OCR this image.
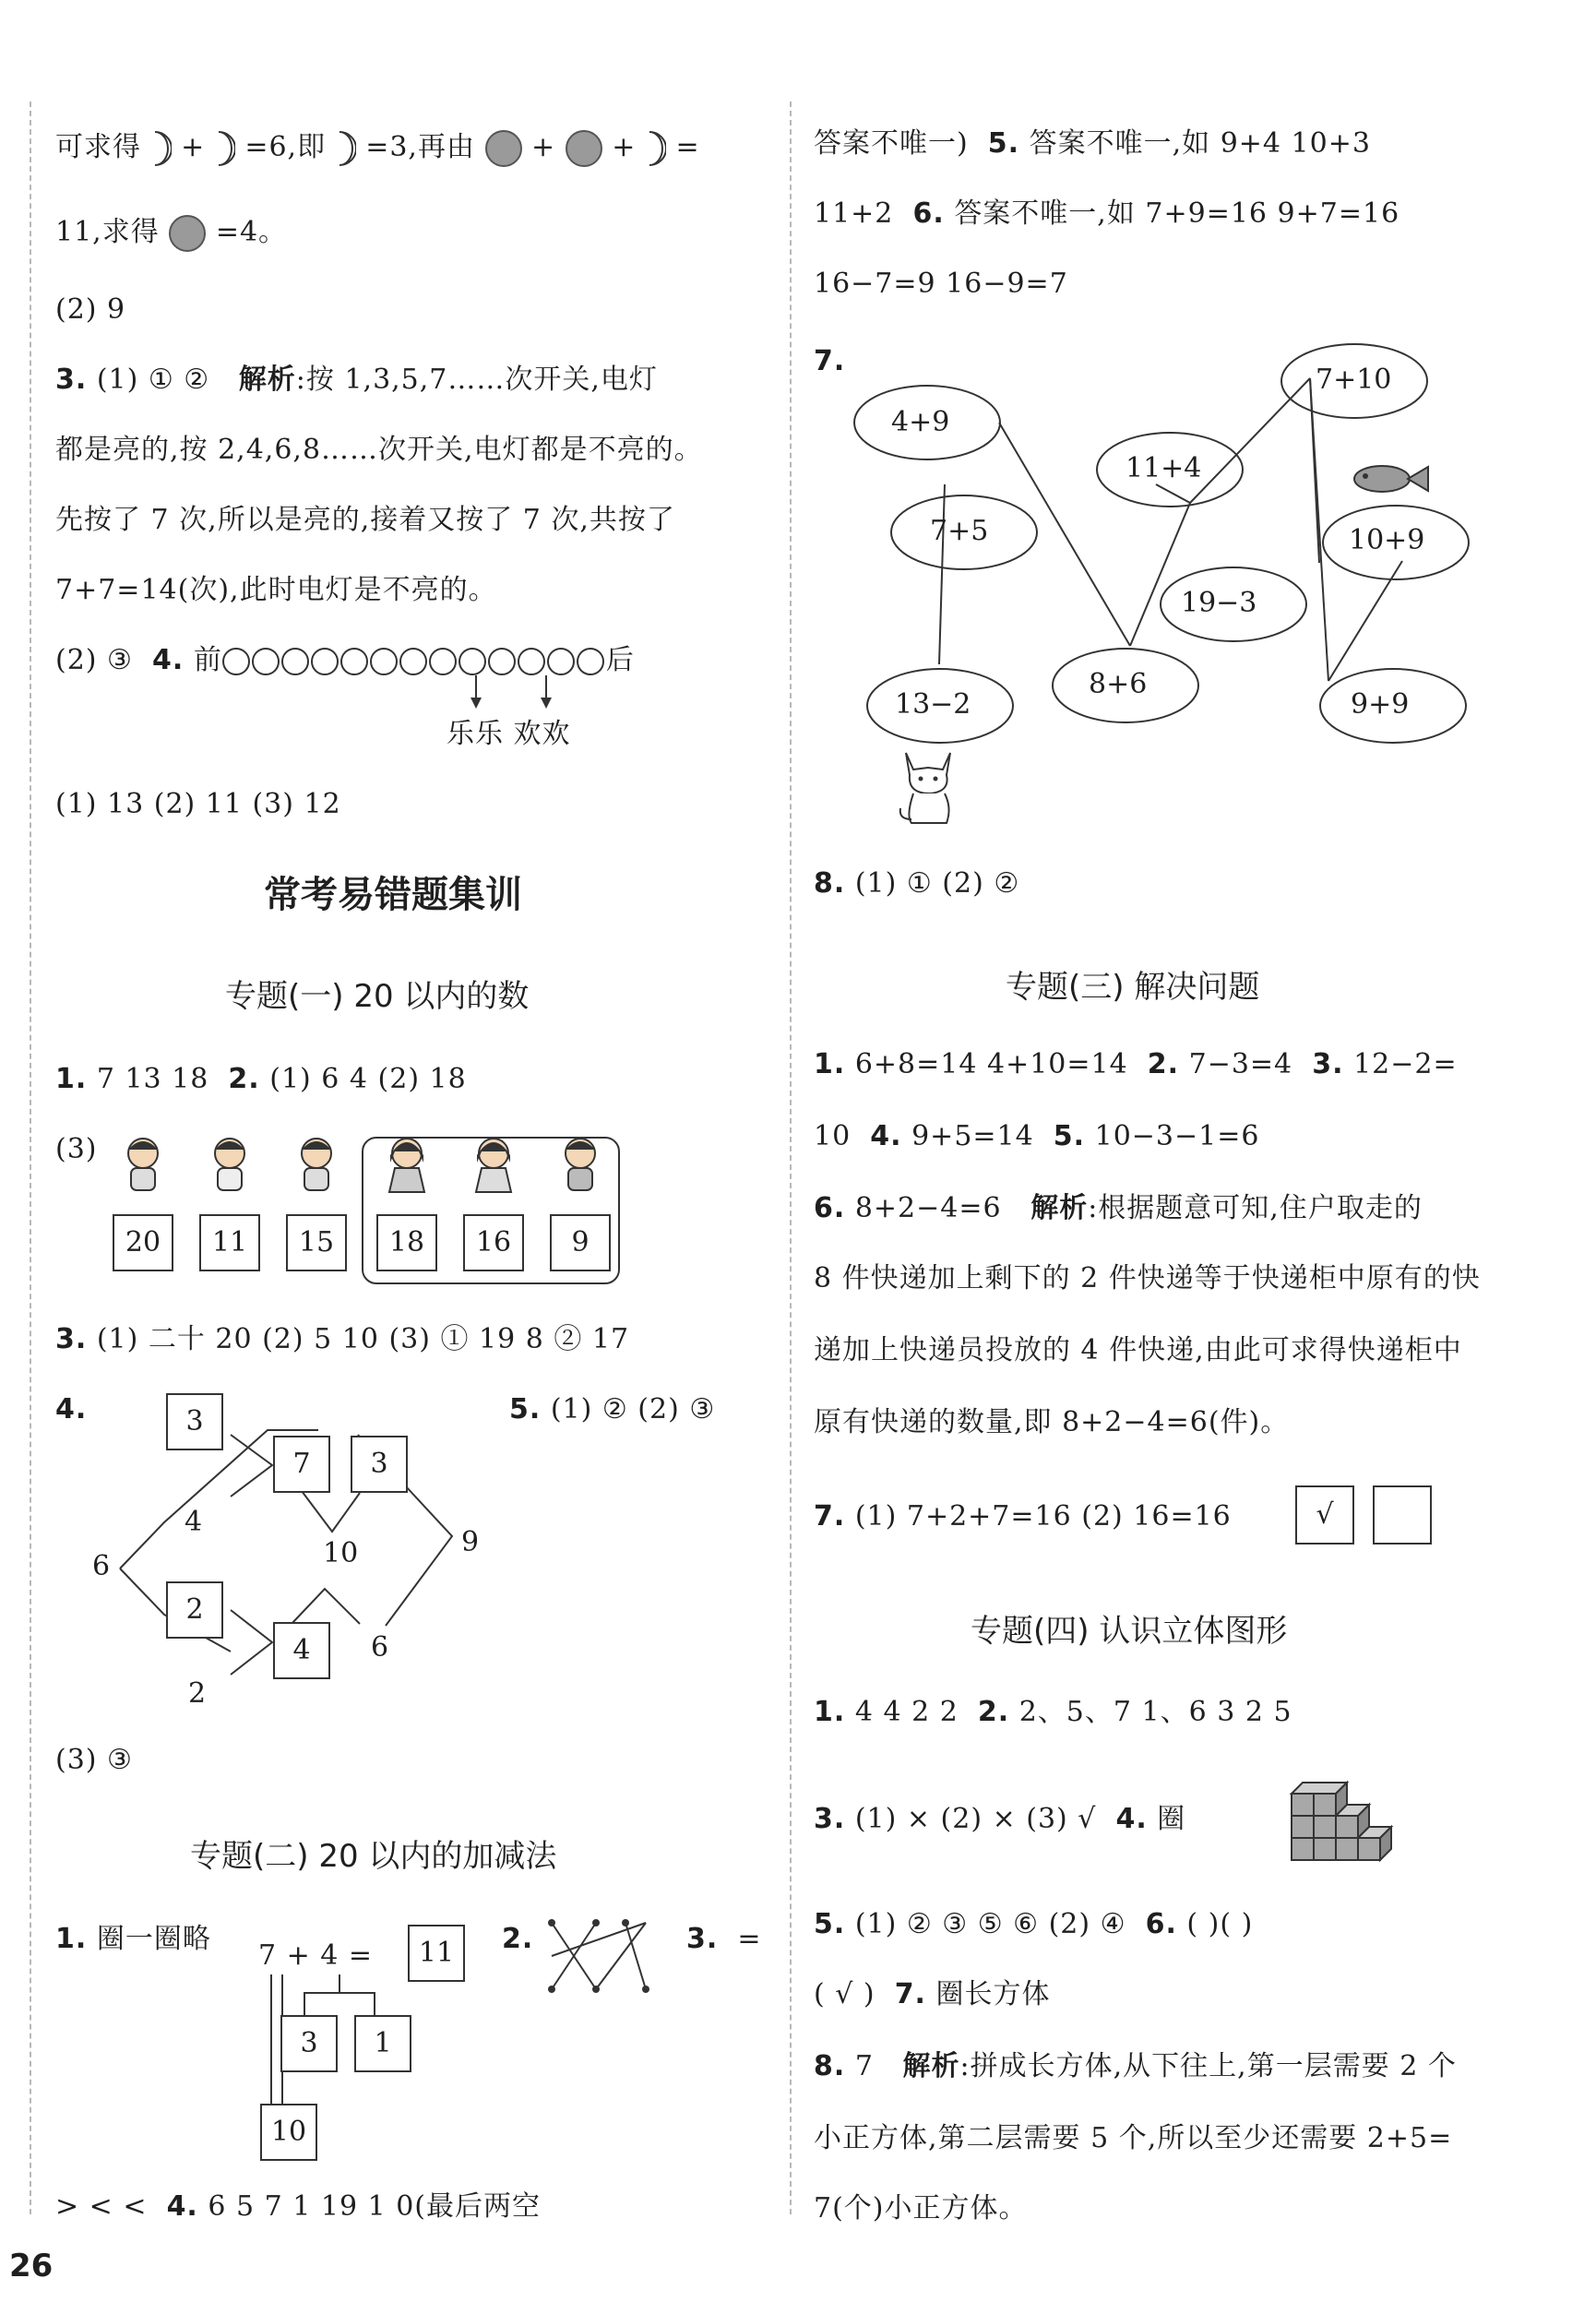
可求得 + =6,即 =3,再由 + + =
11,求得 =4。
(2) 9
3. (1) ① ② 解析:按 1,3,5,7……次开关,电灯
都是亮的,按 2,4,6,8……次开关,电灯都是不亮的。
先按了 7 次,所以是亮的,接着又按了 7 次,共按了
7+7=14(次),此时电灯是不亮的。
(2) ③ 4. 前	后
乐乐 欢欢
(1) 13 (2) 11 (3) 12
常考易错题集训
专题(一) 20 以内的数
1. 7 13 18 2. (1) 6 4 (2) 18
(3)
20	11	15	18	16	9
3. (1) 二十 20 (2) 5 10 (3) ① 19 8 ② 17
4.	5. (1) ② (2) ③
3
7	3
2
4
6
4
10	9
6
2
(3) ③
专题(二) 20 以内的加减法
1. 圈一圈略
7 + 4 =	11
3	1
10
2.	3. =
> < < 4. 6 5 7 1 19 1 0(最后两空
26
答案不唯一) 5. 答案不唯一,如 9+4 10+3
11+2 6. 答案不唯一,如 7+9=16 9+7=16
16−7=9 16−9=7
7.
4+9
7+5
13−2
8+6
11+4
19−3
7+10
10+9
9+9
8. (1) ① (2) ②
专题(三) 解决问题
1. 6+8=14 4+10=14 2. 7−3=4 3. 12−2=
10 4. 9+5=14 5. 10−3−1=6
6. 8+2−4=6 解析:根据题意可知,住户取走的
8 件快递加上剩下的 2 件快递等于快递柜中原有的快
递加上快递员投放的 4 件快递,由此可求得快递柜中
原有快递的数量,即 8+2−4=6(件)。
7. (1) 7+2+7=16 (2) 16=16	√
专题(四) 认识立体图形
1. 4 4 2 2 2. 2、5、7 1、6 3 2 5
3. (1) × (2) × (3) √ 4. 圈
5. (1) ② ③ ⑤ ⑥ (2) ④ 6. ( )( )
( √ ) 7. 圈长方体
8. 7 解析:拼成长方体,从下往上,第一层需要 2 个
小正方体,第二层需要 5 个,所以至少还需要 2+5=
7(个)小正方体。
